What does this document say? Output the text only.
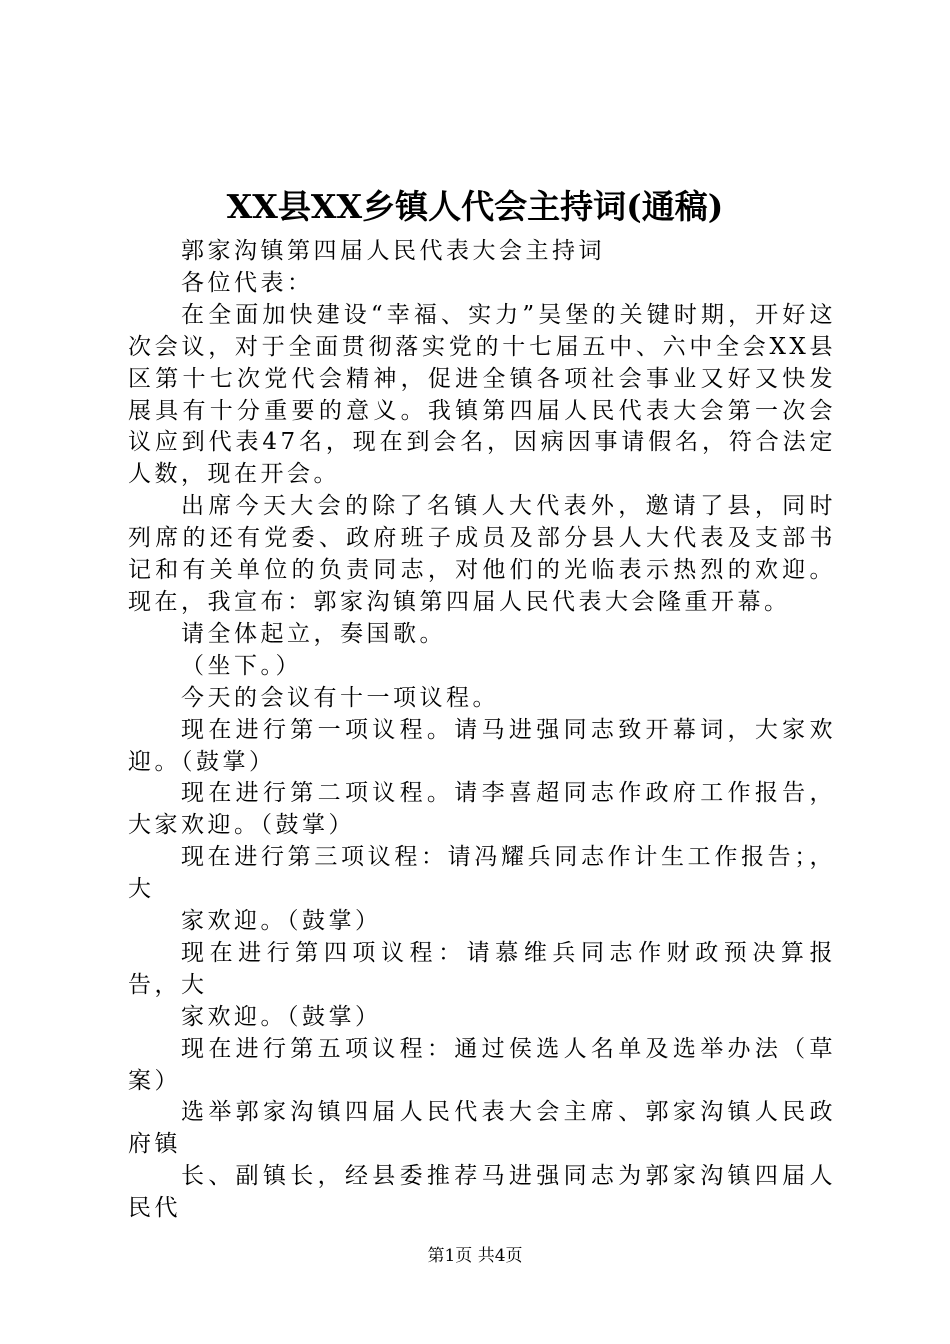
XX县XX乡镇人代会主持词(通稿)

郭家沟镇第四届人民代表大会主持词

各位代表：

在全面加快建设“幸福、实力”吴堡的关键时期，开好这次会议，对于全面贯彻落实党的十七届五中、六中全会XX县区第十七次党代会精神，促进全镇各项社会事业又好又快发展具有十分重要的意义。我镇第四届人民代表大会第一次会议应到代表47名，现在到会名，因病因事请假名，符合法定人数，现在开会。

出席今天大会的除了名镇人大代表外，邀请了县，同时列席的还有党委、政府班子成员及部分县人大代表及支部书记和有关单位的负责同志，对他们的光临表示热烈的欢迎。现在，我宣布：郭家沟镇第四届人民代表大会隆重开幕。

请全体起立，奏国歌。

（坐下。）

今天的会议有十一项议程。

现在进行第一项议程。请马进强同志致开幕词，大家欢迎。（鼓掌）

现在进行第二项议程。请李喜超同志作政府工作报告，大家欢迎。（鼓掌）

现在进行第三项议程：请冯耀兵同志作计生工作报告；，大

家欢迎。（鼓掌）

现在进行第四项议程：请慕维兵同志作财政预决算报告，大

家欢迎。（鼓掌）

现在进行第五项议程：通过侯选人名单及选举办法（草案）

选举郭家沟镇四届人民代表大会主席、郭家沟镇人民政府镇

长、副镇长，经县委推荐马进强同志为郭家沟镇四届人民代

第1页 共4页
